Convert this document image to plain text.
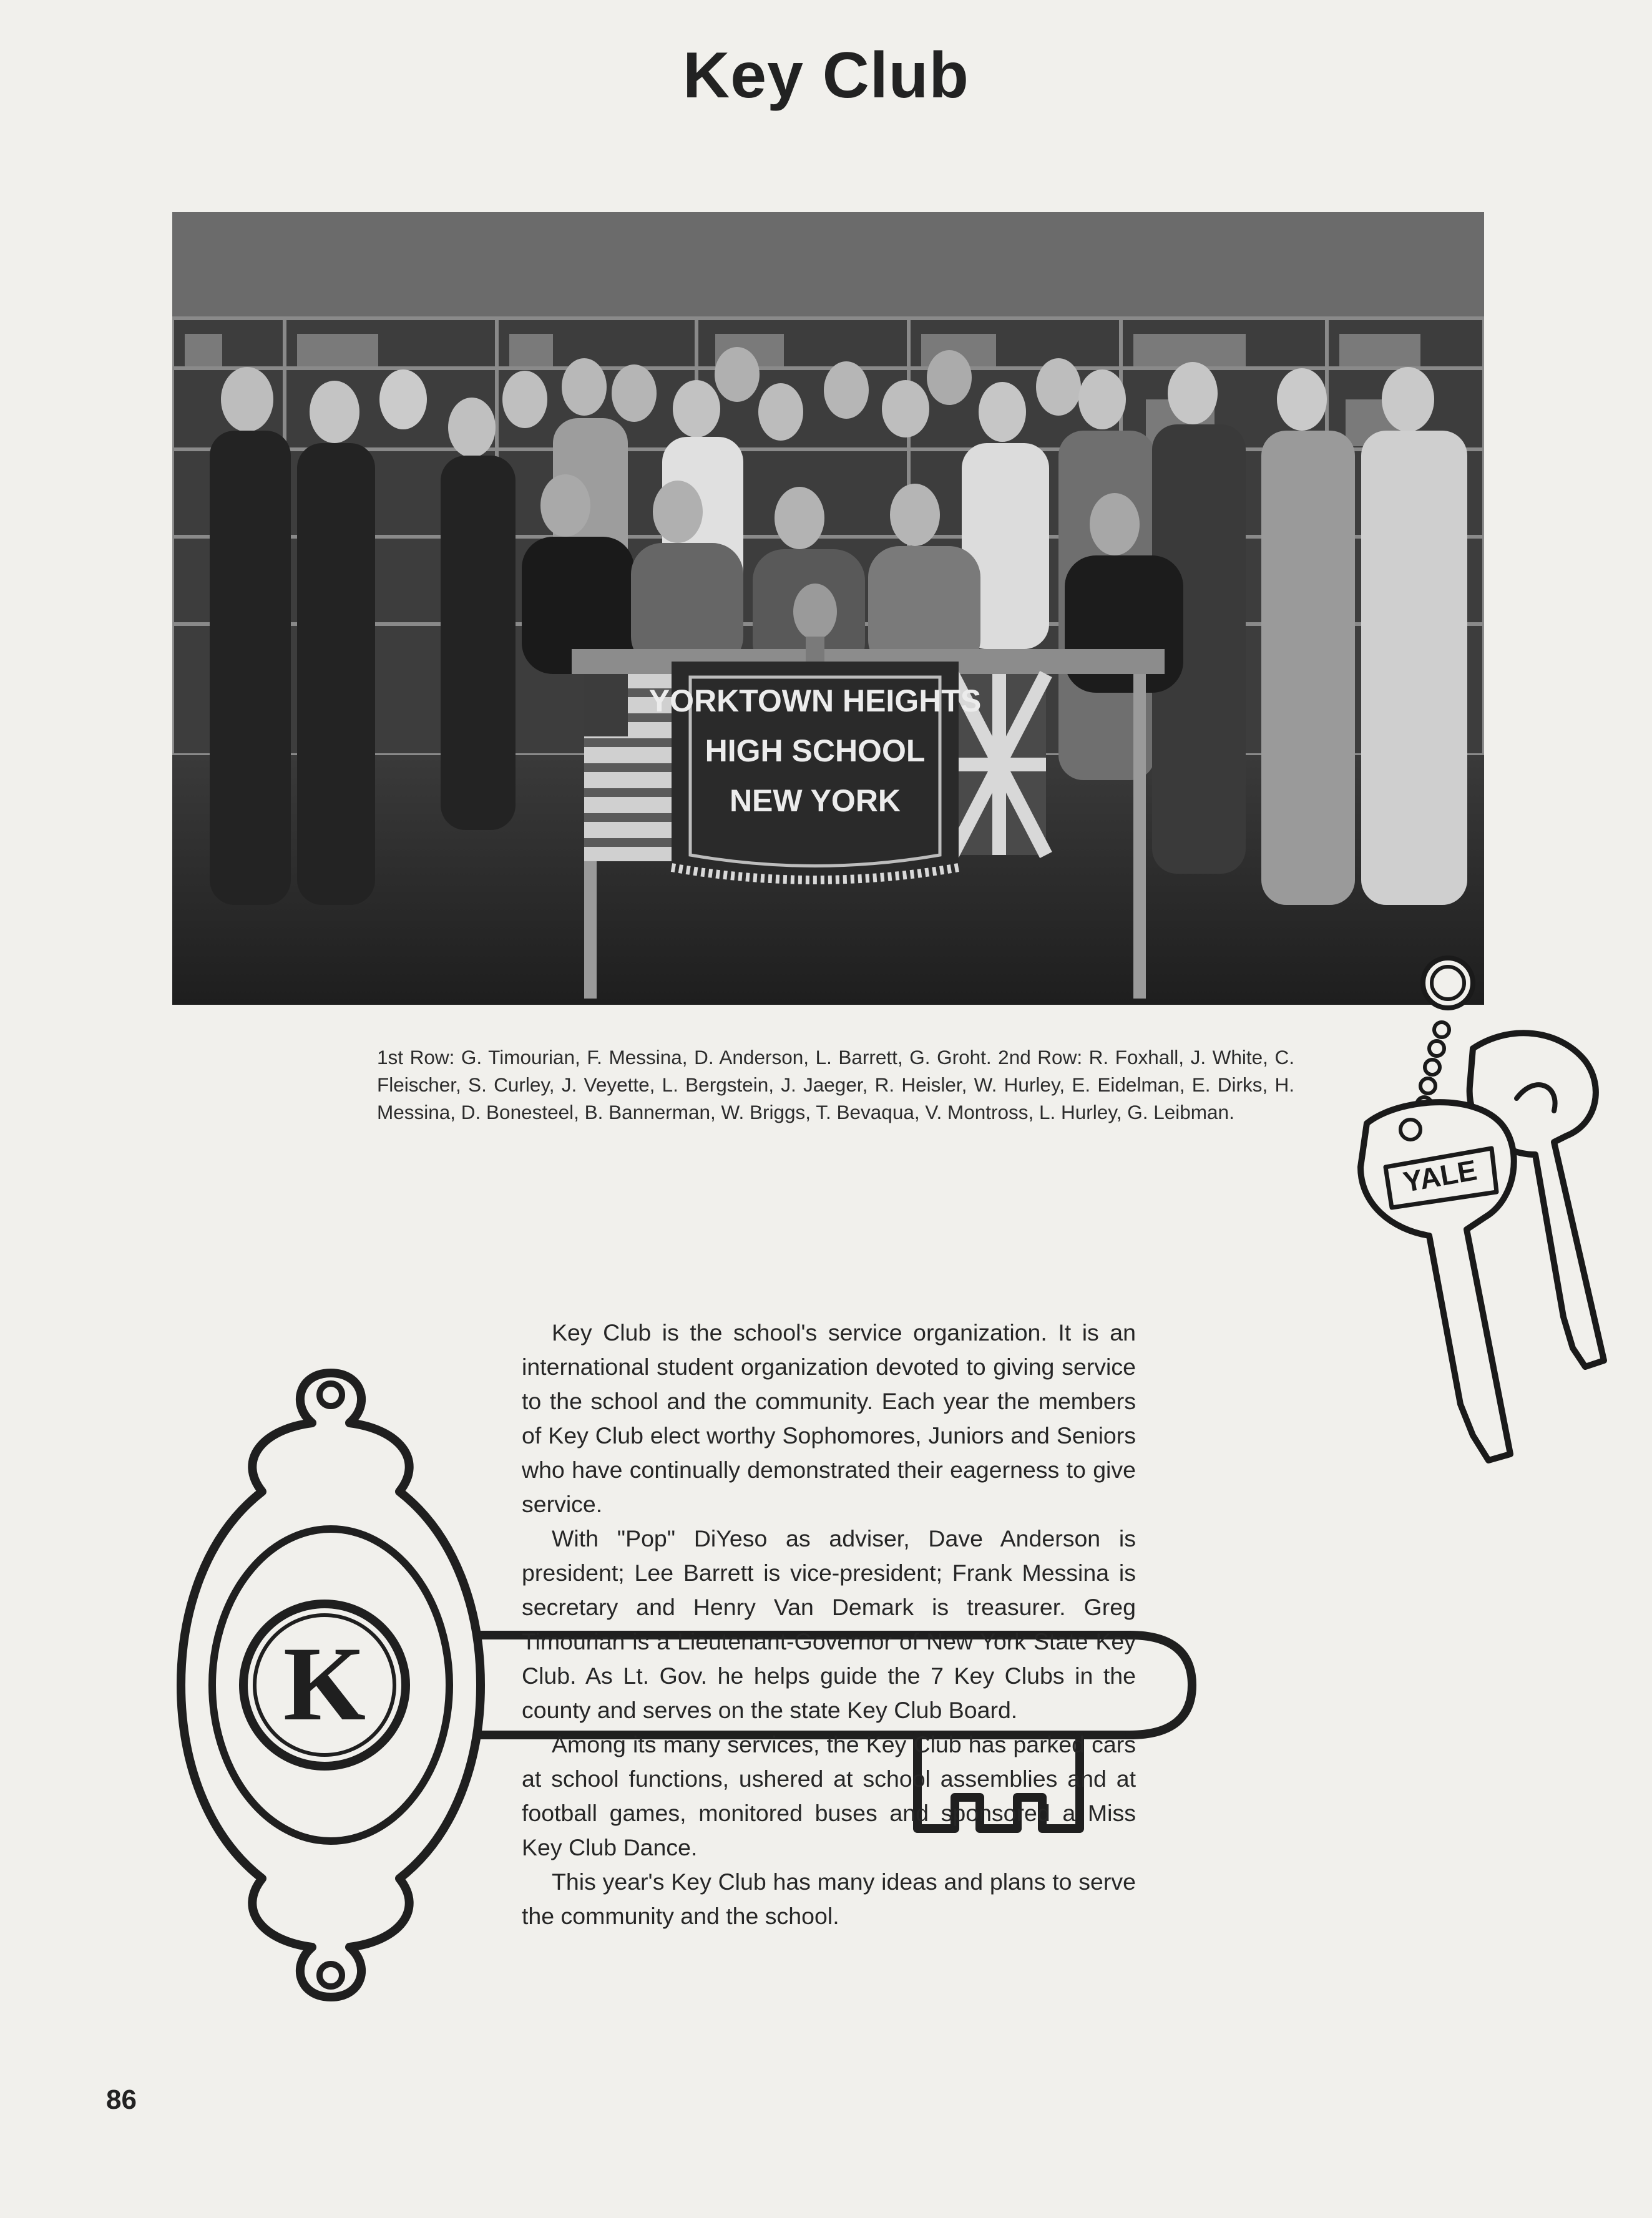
Key Club
YORKTOWN HEIGHTS
HIGH SCHOOL
NEW YORK
1st Row: G. Timourian, F. Messina, D. Anderson, L. Barrett, G. Groht. 2nd Row: R. Foxhall, J. White, C. Fleischer, S. Curley, J. Veyette, L. Bergstein, J. Jaeger, R. Heisler, W. Hurley, E. Eidelman, E. Dirks, H. Messina, D. Bonesteel, B. Bannerman, W. Briggs, T. Bevaqua, V. Montross, L. Hurley, G. Leibman.
K
YALE

Key Club is the school's service organization. It is an international student organization devoted to giving service to the school and the community. Each year the members of Key Club elect worthy Sophomores, Juniors and Seniors who have continually demonstrated their eagerness to give service.

With "Pop" DiYeso as adviser, Dave Anderson is president; Lee Barrett is vice-president; Frank Messina is secretary and Henry Van Demark is treasurer. Greg Timourian is a Lieutenant-Governor of New York State Key Club. As Lt. Gov. he helps guide the 7 Key Clubs in the county and serves on the state Key Club Board.

Among its many services, the Key Club has parked cars at school functions, ushered at school assemblies and at football games, monitored buses and sponsored a Miss Key Club Dance.

This year's Key Club has many ideas and plans to serve the community and the school.

86
